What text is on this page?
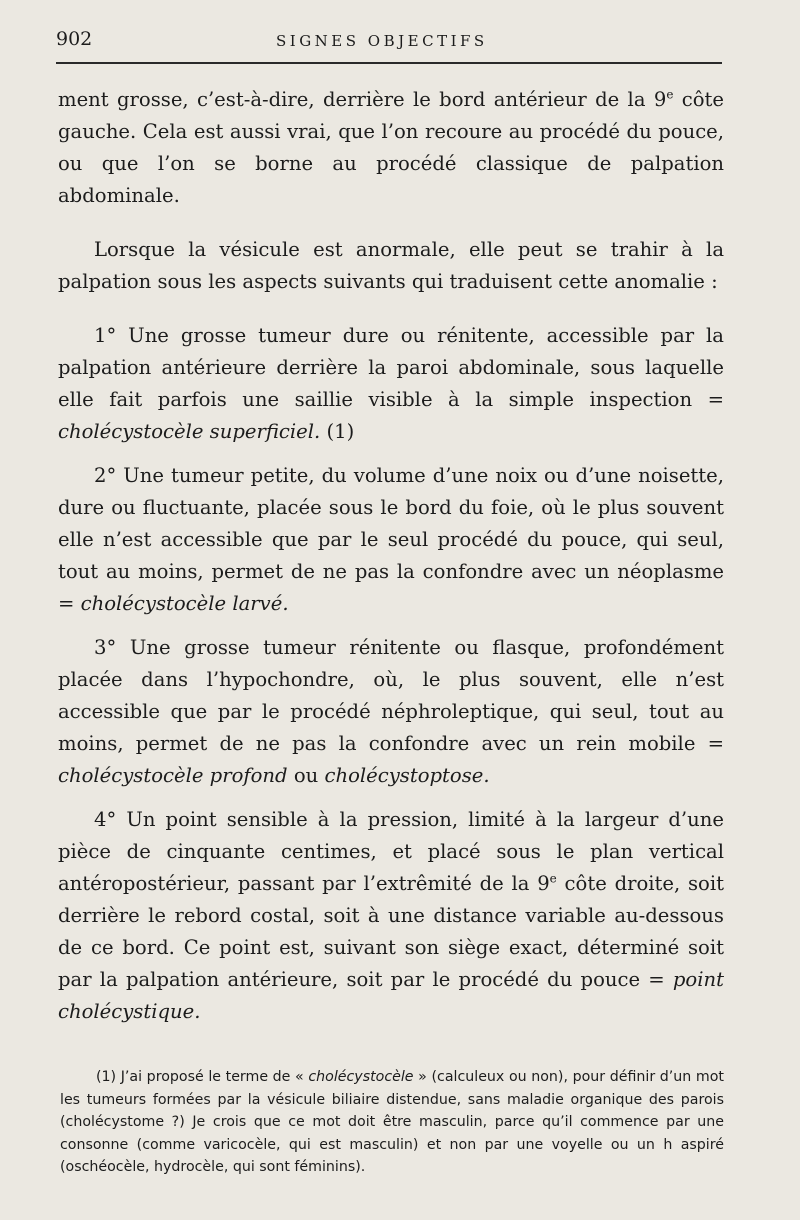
902	SIGNES OBJECTIFS

ment grosse, c’est-à-dire, derrière le bord antérieur de la 9e côte gauche. Cela est aussi vrai, que l’on recoure au procédé du pouce, ou que l’on se borne au procédé classique de palpation abdominale.

Lorsque la vésicule est anormale, elle peut se trahir à la palpation sous les aspects suivants qui traduisent cette anomalie :

1° Une grosse tumeur dure ou rénitente, accessible par la palpation antérieure derrière la paroi abdominale, sous laquelle elle fait parfois une saillie visible à la simple inspection = cholécystocèle superficiel. (1)

2° Une tumeur petite, du volume d’une noix ou d’une noisette, dure ou fluctuante, placée sous le bord du foie, où le plus souvent elle n’est accessible que par le seul procédé du pouce, qui seul, tout au moins, permet de ne pas la confondre avec un néoplasme = cholécystocèle larvé.

3° Une grosse tumeur rénitente ou flasque, profondément placée dans l’hypochondre, où, le plus souvent, elle n’est accessible que par le procédé néphroleptique, qui seul, tout au moins, permet de ne pas la confondre avec un rein mobile = cholécystocèle profond ou cholécystoptose.

4° Un point sensible à la pression, limité à la largeur d’une pièce de cinquante centimes, et placé sous le plan vertical antéropostérieur, passant par l’extrêmité de la 9e côte droite, soit derrière le rebord costal, soit à une distance variable au-dessous de ce bord. Ce point est, suivant son siège exact, déterminé soit par la palpation antérieure, soit par le procédé du pouce = point cholécystique.

(1) J’ai proposé le terme de « cholécystocèle » (calculeux ou non), pour définir d’un mot les tumeurs formées par la vésicule biliaire distendue, sans maladie organique des parois (cholécystome ?) Je crois que ce mot doit être masculin, parce qu’il commence par une consonne (comme varicocèle, qui est masculin) et non par une voyelle ou un h aspiré (oschéocèle, hydrocèle, qui sont féminins).
